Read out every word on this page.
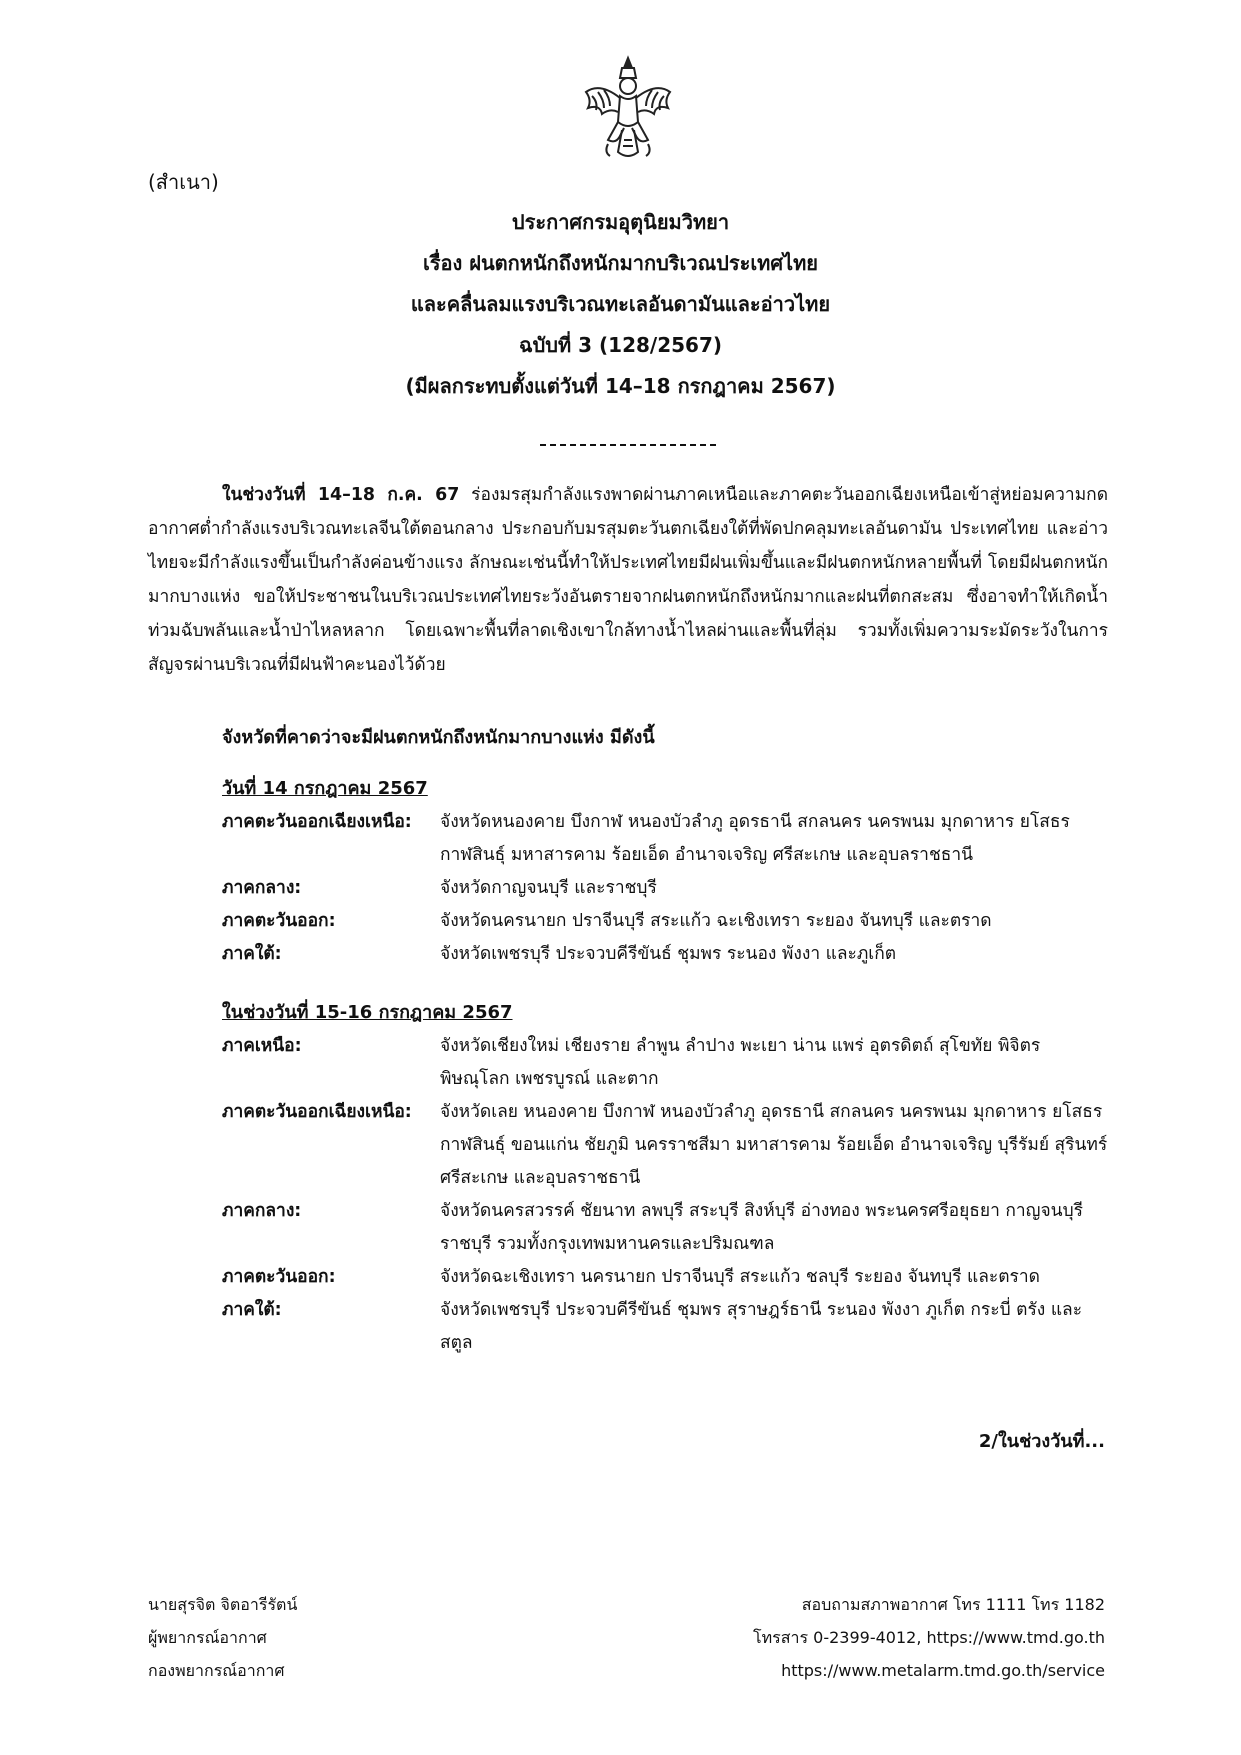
(สำเนา)
ประกาศกรมอุตุนิยมวิทยา
เรื่อง ฝนตกหนักถึงหนักมากบริเวณประเทศไทย
และคลื่นลมแรงบริเวณทะเลอันดามันและอ่าวไทย
ฉบับที่ 3 (128/2567)
(มีผลกระทบตั้งแต่วันที่ 14–18 กรกฎาคม 2567)
ในช่วงวันที่ 14–18 ก.ค. 67 ร่องมรสุมกำลังแรงพาดผ่านภาคเหนือและภาคตะวันออกเฉียงเหนือเข้าสู่หย่อมความกดอากาศต่ำกำลังแรงบริเวณทะเลจีนใต้ตอนกลาง ประกอบกับมรสุมตะวันตกเฉียงใต้ที่พัดปกคลุมทะเลอันดามัน ประเทศไทย และอ่าวไทยจะมีกำลังแรงขึ้นเป็นกำลังค่อนข้างแรง ลักษณะเช่นนี้ทำให้ประเทศไทยมีฝนเพิ่มขึ้นและมีฝนตกหนักหลายพื้นที่ โดยมีฝนตกหนักมากบางแห่ง ขอให้ประชาชนในบริเวณประเทศไทยระวังอันตรายจากฝนตกหนักถึงหนักมากและฝนที่ตกสะสม ซึ่งอาจทำให้เกิดน้ำท่วมฉับพลันและน้ำป่าไหลหลาก โดยเฉพาะพื้นที่ลาดเชิงเขาใกล้ทางน้ำไหลผ่านและพื้นที่ลุ่ม รวมทั้งเพิ่มความระมัดระวังในการสัญจรผ่านบริเวณที่มีฝนฟ้าคะนองไว้ด้วย
จังหวัดที่คาดว่าจะมีฝนตกหนักถึงหนักมากบางแห่ง มีดังนี้
วันที่ 14 กรกฎาคม 2567
ภาคตะวันออกเฉียงเหนือ:	จังหวัดหนองคาย บึงกาฬ หนองบัวลำภู อุดรธานี สกลนคร นครพนม มุกดาหาร ยโสธร กาฬสินธุ์ มหาสารคาม ร้อยเอ็ด อำนาจเจริญ ศรีสะเกษ และอุบลราชธานี
ภาคกลาง:	จังหวัดกาญจนบุรี และราชบุรี
ภาคตะวันออก:	จังหวัดนครนายก ปราจีนบุรี สระแก้ว ฉะเชิงเทรา ระยอง จันทบุรี และตราด
ภาคใต้:	จังหวัดเพชรบุรี ประจวบคีรีขันธ์ ชุมพร ระนอง พังงา และภูเก็ต
ในช่วงวันที่ 15-16 กรกฎาคม 2567
ภาคเหนือ:	จังหวัดเชียงใหม่ เชียงราย ลำพูน ลำปาง พะเยา น่าน แพร่ อุตรดิตถ์ สุโขทัย พิจิตร พิษณุโลก เพชรบูรณ์ และตาก
ภาคตะวันออกเฉียงเหนือ:	จังหวัดเลย หนองคาย บึงกาฬ หนองบัวลำภู อุดรธานี สกลนคร นครพนม มุกดาหาร ยโสธร กาฬสินธุ์ ขอนแก่น ชัยภูมิ นครราชสีมา มหาสารคาม ร้อยเอ็ด อำนาจเจริญ บุรีรัมย์ สุรินทร์ ศรีสะเกษ และอุบลราชธานี
ภาคกลาง:	จังหวัดนครสวรรค์ ชัยนาท ลพบุรี สระบุรี สิงห์บุรี อ่างทอง พระนครศรีอยุธยา กาญจนบุรี ราชบุรี รวมทั้งกรุงเทพมหานครและปริมณฑล
ภาคตะวันออก:	จังหวัดฉะเชิงเทรา นครนายก ปราจีนบุรี สระแก้ว ชลบุรี ระยอง จันทบุรี และตราด
ภาคใต้:	จังหวัดเพชรบุรี ประจวบคีรีขันธ์ ชุมพร สุราษฎร์ธานี ระนอง พังงา ภูเก็ต กระบี่ ตรัง และสตูล
2/ในช่วงวันที่...
นายสุรจิต จิตอารีรัตน์
ผู้พยากรณ์อากาศ
กองพยากรณ์อากาศ
สอบถามสภาพอากาศ โทร 1111 โทร 1182
โทรสาร 0-2399-4012, https://www.tmd.go.th
https://www.metalarm.tmd.go.th/service
